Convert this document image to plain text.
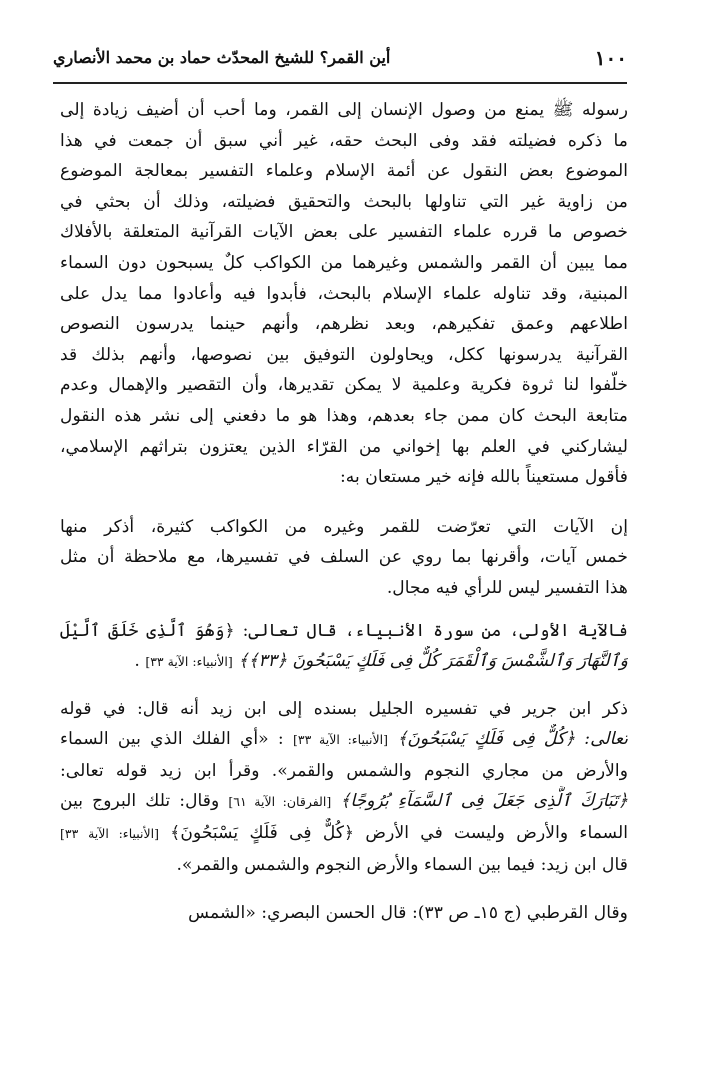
١٠٠
أين القمر؟ للشيخ المحدّث حماد بن محمد الأنصاري
رسوله ﷺ يمنع من وصول الإنسان إلى القمر، وما أحب أن أضيف زيادة إلى
ما ذكره فضيلته فقد وفى البحث حقه، غير أني سبق أن جمعت في هذا
الموضوع بعض النقول عن أئمة الإسلام وعلماء التفسير بمعالجة الموضوع
من زاوية غير التي تناولها بالبحث والتحقيق فضيلته، وذلك أن بحثي في
خصوص ما قرره علماء التفسير على بعض الآيات القرآنية المتعلقة بالأفلاك
مما يبين أن القمر والشمس وغيرهما من الكواكب كلٌ يسبحون دون السماء
المبنية، وقد تناوله علماء الإسلام بالبحث، فأبدوا فيه وأعادوا مما يدل على
اطلاعهم وعمق تفكيرهم، وبعد نظرهم، وأنهم حينما يدرسون النصوص
القرآنية يدرسونها ككل، ويحاولون التوفيق بين نصوصها، وأنهم بذلك قد
خلّفوا لنا ثروة فكرية وعلمية لا يمكن تقديرها، وأن التقصير والإهمال وعدم
متابعة البحث كان ممن جاء بعدهم، وهذا هو ما دفعني إلى نشر هذه النقول
ليشاركني في العلم بها إخواني من القرّاء الذين يعتزون بتراثهم الإسلامي،
فأقول مستعيناً بالله فإنه خير مستعان به:
إن الآيات التي تعرّضت للقمر وغيره من الكواكب كثيرة، أذكر منها
خمس آيات، وأقرنها بما روي عن السلف في تفسيرها، مع ملاحظة أن مثل
هذا التفسير ليس للرأي فيه مجال.
فالآية الأولى، من سورة الأنبياء، قال تعالى: ﴿وَهُوَ ٱلَّذِى خَلَقَ ٱلَّيْلَ
وَٱلنَّهَارَ وَٱلشَّمْسَ وَٱلْقَمَرَ كُلٌّ فِى فَلَكٍ يَسْبَحُونَ ﴿٣٣﴾﴾ [الأنبياء: الآية ٣٣] .
ذكر ابن جرير في تفسيره الجليل بسنده إلى ابن زيد أنه قال: في قوله
تعالى: ﴿كُلٌّ فِى فَلَكٍ يَسْبَحُونَ﴾ [الأنبياء: الآية ٣٣] : «أي الفلك الذي بين السماء
والأرض من مجاري النجوم والشمس والقمر». وقرأ ابن زيد قوله تعالى:
﴿تَبَارَكَ ٱلَّذِى جَعَلَ فِى ٱلسَّمَآءِ بُرُوجًا﴾ [الفرقان: الآية ٦١] وقال: تلك البروج بين
السماء والأرض وليست في الأرض ﴿كُلٌّ فِى فَلَكٍ يَسْبَحُونَ﴾ [الأنبياء: الآية ٣٣]
قال ابن زيد: فيما بين السماء والأرض النجوم والشمس والقمر».
وقال القرطبي (ج ١٥ـ ص ٣٣): قال الحسن البصري: «الشمس
